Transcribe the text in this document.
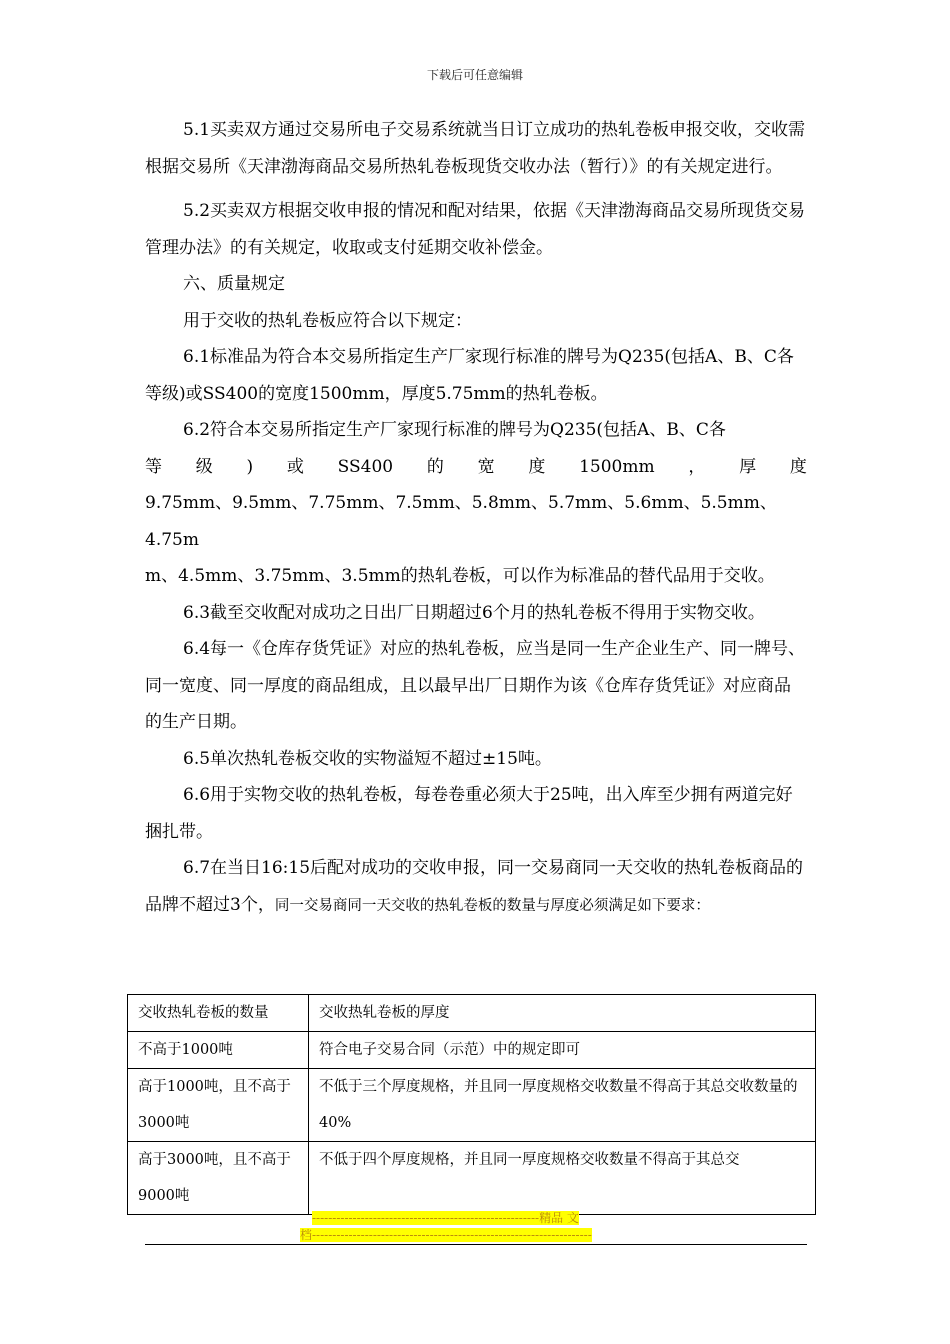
下载后可任意编辑

5.1买卖双方通过交易所电子交易系统就当日订立成功的热轧卷板申报交收，交收需根据交易所《天津渤海商品交易所热轧卷板现货交收办法（暂行）》的有关规定进行。

5.2买卖双方根据交收申报的情况和配对结果，依据《天津渤海商品交易所现货交易管理办法》的有关规定，收取或支付延期交收补偿金。

六、质量规定

用于交收的热轧卷板应符合以下规定：

6.1标准品为符合本交易所指定生产厂家现行标准的牌号为Q235(包括A、B、C各等级)或SS400的宽度1500mm，厚度5.75mm的热轧卷板。

6.2符合本交易所指定生产厂家现行标准的牌号为Q235(包括A、B、C各

等 级 ) 或 SS400 的 宽 度 1500mm ， 厚 度

9.75mm、9.5mm、7.75mm、7.5mm、5.8mm、5.7mm、5.6mm、5.5mm、4.75m

m、4.5mm、3.75mm、3.5mm的热轧卷板，可以作为标准品的替代品用于交收。

6.3截至交收配对成功之日出厂日期超过6个月的热轧卷板不得用于实物交收。

6.4每一《仓库存货凭证》对应的热轧卷板，应当是同一生产企业生产、同一牌号、同一宽度、同一厚度的商品组成，且以最早出厂日期作为该《仓库存货凭证》对应商品的生产日期。

6.5单次热轧卷板交收的实物溢短不超过±15吨。

6.6用于实物交收的热轧卷板，每卷卷重必须大于25吨，出入库至少拥有两道完好捆扎带。

6.7在当日16:15后配对成功的交收申报，同一交易商同一天交收的热轧卷板商品的品牌不超过3个，同一交易商同一天交收的热轧卷板的数量与厚度必须满足如下要求：

交收热轧卷板的数量	交收热轧卷板的厚度
不高于1000吨	符合电子交易合同（示范）中的规定即可
高于1000吨，且不高于3000吨	不低于三个厚度规格，并且同一厚度规格交收数量不得高于其总交收数量的40%
高于3000吨，且不高于9000吨	不低于四个厚度规格，并且同一厚度规格交收数量不得高于其总交
--------------------------------------------------------精品 文
档---------------------------------------------------------------------
